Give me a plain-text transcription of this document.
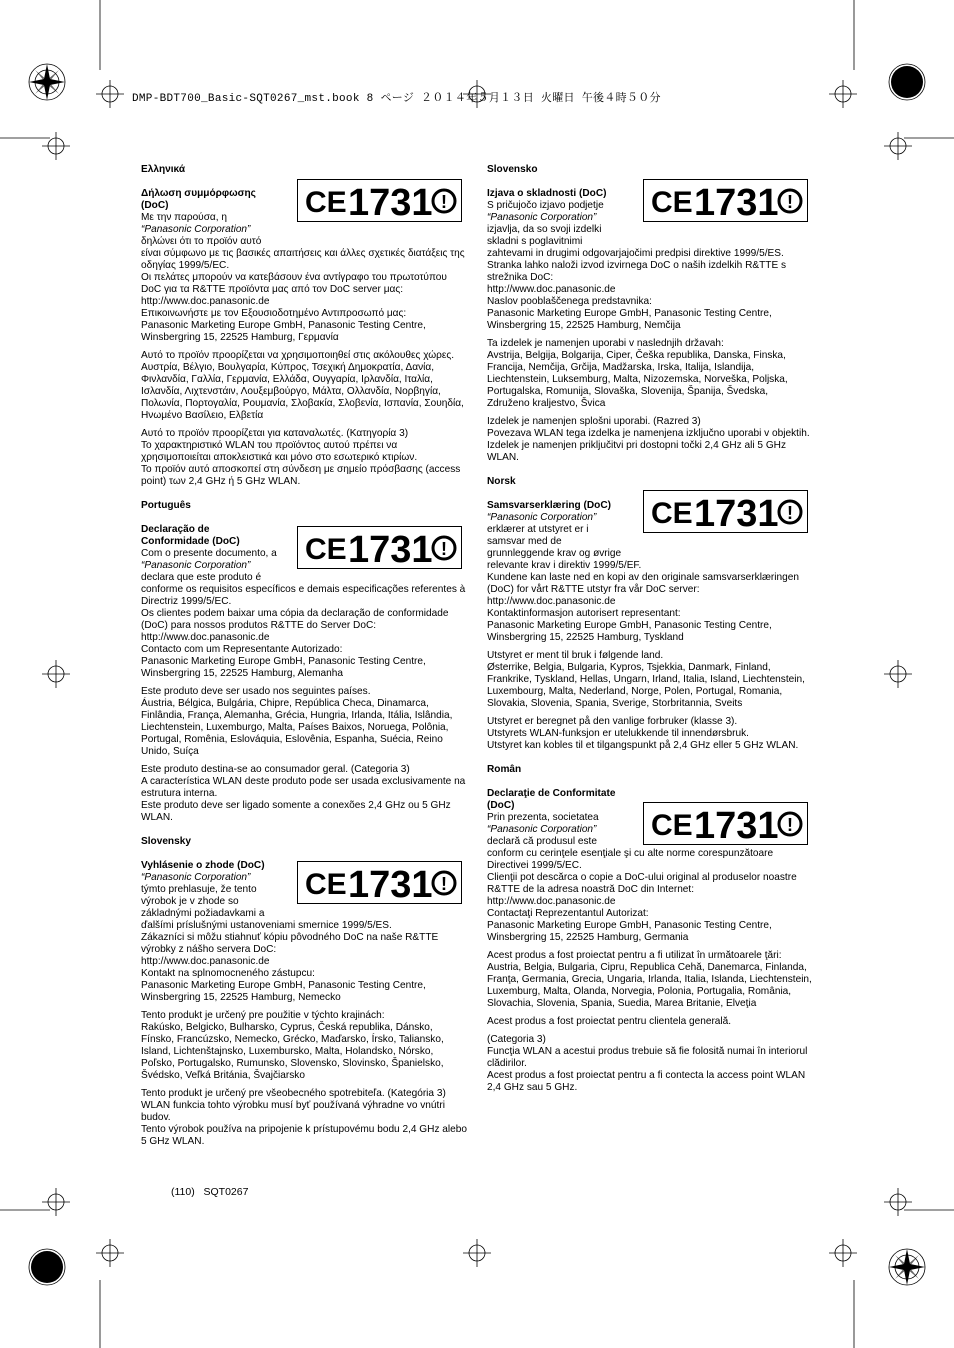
DMP-BDT700_Basic-SQT0267_mst.book 8 ページ ２０１４年５月１３日 火曜日 午後４時５０分
CE 1731 !
CE 1731 !
CE 1731 !
CE 1731 !
CE 1731 !
CE 1731 !

Ελληνικά

Δήλωση συμμόρφωσης

(DoC)

Με την παρούσα, η

“Panasonic Corporation”

δηλώνει ότι το προϊόν αυτό

είναι σύμφωνο με τις βασικές απαιτήσεις και άλλες σχετικές διατάξεις της οδηγίας 1999/5/EC.

Οι πελάτες μπορούν να κατεβάσουν ένα αντίγραφο του πρωτοτύπου DoC για τα R&TTE προϊόντα μας από τον DoC server μας:

http://www.doc.panasonic.de

Επικοινωνήστε με τον Εξουσιοδοτημένο Αντιπροσωπό μας:

Panasonic Marketing Europe GmbH, Panasonic Testing Centre, Winsbergring 15, 22525 Hamburg, Γερμανία

Αυτό το προϊόν προορίζεται να χρησιμοποιηθεί στις ακόλουθες χώρες.

Αυστρία, Βέλγιο, Βουλγαρία, Κύπρος, Τσεχική Δημοκρατία, Δανία, Φινλανδία, Γαλλία, Γερμανία, Ελλάδα, Ουγγαρία, Ιρλανδία, Ιταλία, Ισλανδία, Λιχτενστάιν, Λουξεμβούργο, Μάλτα, Ολλανδία, Νορβηγία, Πολωνία, Πορτογαλία, Ρουμανία, Σλοβακία, Σλοβενία, Ισπανία, Σουηδία, Ηνωμένο Βασίλειο, Ελβετία

Αυτό το προϊόν προορίζεται για καταναλωτές. (Κατηγορία 3)

Το χαρακτηριστικό WLAN του προϊόντος αυτού πρέπει να χρησιμοποιείται αποκλειστικά και μόνο στο εσωτερικό κτιρίων.

Το προϊόν αυτό αποσκοπεί στη σύνδεση με σημείο πρόσβασης (access point) των 2,4 GHz ή 5 GHz WLAN.

Português

Declaração de

Conformidade (DoC)

Com o presente documento, a

“Panasonic Corporation”

declara que este produto é

conforme os requisitos específicos e demais especificações referentes à Directriz 1999/5/EC.

Os clientes podem baixar uma cópia da declaração de conformidade (DoC) para nossos produtos R&TTE do Server DoC:

http://www.doc.panasonic.de

Contacto com um Representante Autorizado:

Panasonic Marketing Europe GmbH, Panasonic Testing Centre, Winsbergring 15, 22525 Hamburg, Alemanha

Este produto deve ser usado nos seguintes países.

Áustria, Bélgica, Bulgária, Chipre, República Checa, Dinamarca, Finlândia, França, Alemanha, Grécia, Hungria, Irlanda, Itália, Islândia, Liechtenstein, Luxemburgo, Malta, Países Baixos, Noruega, Polônia, Portugal, Romênia, Eslováquia, Eslovênia, Espanha, Suécia, Reino Unido, Suíça

Este produto destina-se ao consumador geral. (Categoria 3)

A característica WLAN deste produto pode ser usada exclusivamente na estrutura interna.

Este produto deve ser ligado somente a conexões 2,4 GHz ou 5 GHz WLAN.

Slovensky

Vyhlásenie o zhode (DoC)

“Panasonic Corporation”

týmto prehlasuje, že tento

výrobok je v zhode so

základnými požiadavkami a

ďalšími príslušnými ustanoveniami smernice 1999/5/ES.

Zákazníci si môžu stiahnuť kópiu pôvodného DoC na naše R&TTE výrobky z nášho servera DoC:

http://www.doc.panasonic.de

Kontakt na splnomocneného zástupcu:

Panasonic Marketing Europe GmbH, Panasonic Testing Centre, Winsbergring 15, 22525 Hamburg, Nemecko

Tento produkt je určený pre použitie v týchto krajinách:

Rakúsko, Belgicko, Bulharsko, Cyprus, Česká republika, Dánsko, Fínsko, Francúzsko, Nemecko, Grécko, Maďarsko, Írsko, Taliansko, Island, Lichtenštajnsko, Luxembursko, Malta, Holandsko, Nórsko, Poľsko, Portugalsko, Rumunsko, Slovensko, Slovinsko, Španielsko, Švédsko, Veľká Británia, Švajčiarsko

Tento produkt je určený pre všeobecného spotrebiteľa. (Kategória 3)

WLAN funkcia tohto výrobku musí byť používaná výhradne vo vnútri budov.

Tento výrobok používa na pripojenie k prístupovému bodu 2,4 GHz alebo 5 GHz WLAN.

Slovensko

Izjava o skladnosti (DoC)

S pričujočo izjavo podjetje

“Panasonic Corporation”

izjavlja, da so svoji izdelki

skladni s poglavitnimi

zahtevami in drugimi odgovarjajočimi predpisi direktive 1999/5/ES.

Stranka lahko naloži izvod izvirnega DoC o naših izdelkih R&TTE s strežnika DoC:

http://www.doc.panasonic.de

Naslov pooblaščenega predstavnika:

Panasonic Marketing Europe GmbH, Panasonic Testing Centre, Winsbergring 15, 22525 Hamburg, Nemčija

Ta izdelek je namenjen uporabi v naslednjih državah:

Avstrija, Belgija, Bolgarija, Ciper, Češka republika, Danska, Finska, Francija, Nemčija, Grčija, Madžarska, Irska, Italija, Islandija, Liechtenstein, Luksemburg, Malta, Nizozemska, Norveška, Poljska, Portugalska, Romunija, Slovaška, Slovenija, Španija, Švedska, Združeno kraljestvo, Švica

Izdelek je namenjen splošni uporabi. (Razred 3)

Povezava WLAN tega izdelka je namenjena izključno uporabi v objektih.

Izdelek je namenjen priključitvi pri dostopni točki 2,4 GHz ali 5 GHz WLAN.

Norsk

Samsvarserklæring (DoC)

“Panasonic Corporation”

erklærer at utstyret er i

samsvar med de

grunnleggende krav og øvrige

relevante krav i direktiv 1999/5/EF.

Kundene kan laste ned en kopi av den originale samsvarserklæringen (DoC) for vårt R&TTE utstyr fra vår DoC server:

http://www.doc.panasonic.de

Kontaktinformasjon autorisert representant:

Panasonic Marketing Europe GmbH, Panasonic Testing Centre, Winsbergring 15, 22525 Hamburg, Tyskland

Utstyret er ment til bruk i følgende land.

Østerrike, Belgia, Bulgaria, Kypros, Tsjekkia, Danmark, Finland, Frankrike, Tyskland, Hellas, Ungarn, Irland, Italia, Island, Liechtenstein, Luxembourg, Malta, Nederland, Norge, Polen, Portugal, Romania, Slovakia, Slovenia, Spania, Sverige, Storbritannia, Sveits

Utstyret er beregnet på den vanlige forbruker (klasse 3).

Utstyrets WLAN-funksjon er utelukkende til innendørsbruk.

Utstyret kan kobles til et tilgangspunkt på 2,4 GHz eller 5 GHz WLAN.

Român

Declaraţie de Conformitate

(DoC)

Prin prezenta, societatea

“Panasonic Corporation”

declară că produsul este

conform cu cerinţele esenţiale şi cu alte norme corespunzătoare Directivei 1999/5/EC.

Clienţii pot descărca o copie a DoC-ului original al produselor noastre R&TTE de la adresa noastră DoC din Internet:

http://www.doc.panasonic.de

Contactaţi Reprezentantul Autorizat:

Panasonic Marketing Europe GmbH, Panasonic Testing Centre, Winsbergring 15, 22525 Hamburg, Germania

Acest produs a fost proiectat pentru a fi utilizat în următoarele ţări:

Austria, Belgia, Bulgaria, Cipru, Republica Cehă, Danemarca, Finlanda, Franţa, Germania, Grecia, Ungaria, Irlanda, Italia, Islanda, Liechtenstein, Luxemburg, Malta, Olanda, Norvegia, Polonia, Portugalia, România, Slovachia, Slovenia, Spania, Suedia, Marea Britanie, Elveţia

Acest produs a fost proiectat pentru clientela generală.

(Categoria 3)

Funcţia WLAN a acestui produs trebuie să fie folosită numai în interiorul clădirilor.

Acest produs a fost proiectat pentru a fi contecta la access point WLAN 2,4 GHz sau 5 GHz.

(110) SQT0267
